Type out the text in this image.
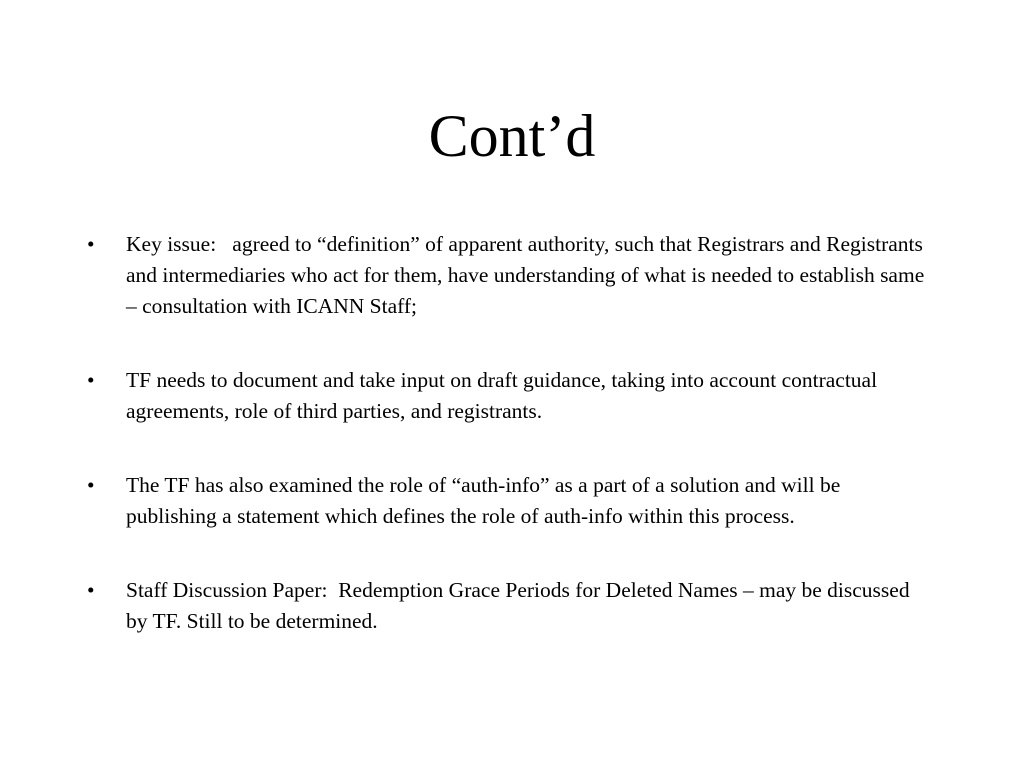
Cont’d
•	Key issue:   agreed to “definition” of apparent authority, such that Registrars and Registrants and intermediaries who act for them, have understanding of what is needed to establish same – consultation with ICANN Staff;
•	TF needs to document and take input on draft guidance, taking into account contractual agreements, role of third parties, and registrants.
•	The TF has also examined the role of “auth-info” as a part of a solution and will be publishing a statement which defines the role of auth-info within this process.
•	Staff Discussion Paper:  Redemption Grace Periods for Deleted Names – may be discussed by TF. Still to be determined.
